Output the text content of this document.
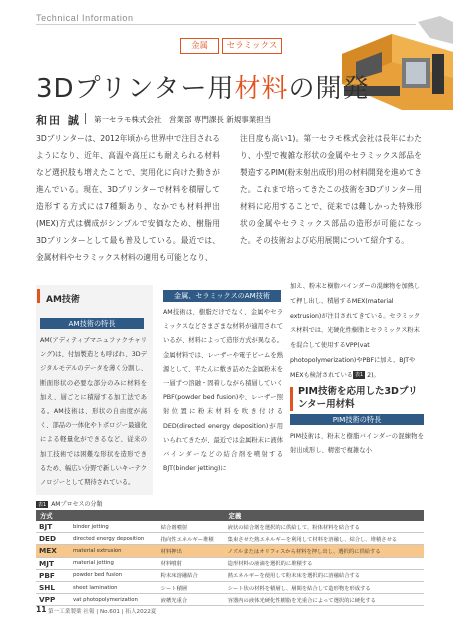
Technical Information
金属	セラミックス
3Dプリンター用材料の開発
和田 誠 第一セラモ株式会社　営業部 専門課長 新規事業担当
3Dプリンターは、2012年頃から世界中で注目されるようになり、近年、高温や高圧にも耐えられる材料など選択肢も増えたことで、実用化に向けた動きが進んでいる。現在、3Dプリンターで材料を積層して造形する方式には7種類あり、なかでも材料押出(MEX)方式は構成がシンプルで安価なため、樹脂用3Dプリンターとして最も普及している。最近では、金属材料やセラミックス材料の適用も可能となり、
注目度も高い1)。第一セラモ株式会社は長年にわたり、小型で複雑な形状の金属やセラミックス部品を製造するPIM(粉末射出成形)用の材料開発を進めてきた。これまで培ってきたこの技術を3Dプリンター用材料に応用することで、従来では難しかった特殊形状の金属やセラミックス部品の造形が可能になった。その技術および応用展開について紹介する。
AM技術
AM技術の特長
AM(アディティブマニュファクチャリング)は、付加製造とも呼ばれ、3Dデジタルモデルのデータを薄く分割し、断面形状の必要な部分のみに材料を加え、層ごとに積層する加工法である。AM技術は、形状の自由度が高く、部品の一体化やトポロジー最適化による軽量化ができるなど、従来の加工技術では困難な形状を造形できるため、幅広い分野で新しいキーテクノロジーとして期待されている。
金属、セラミックスのAM技術
AM技術は、樹脂だけでなく、金属やセラミックスなどさまざまな材料が適用されているが、材料によって造形方式が異なる。金属材料では、レーザーや電子ビームを熱源として、平たんに敷き詰めた金属粉末を一層ずつ溶融・固着しながら積層していくPBF(powder bed fusion)や、レーザー照射位置に粉末材料を吹き付けるDED(directed energy deposition)が用いられてきたが、最近では金属粉末に液体バインダーなどの結合剤を噴射するBJT(binder jetting)に
加え、粉末と樹脂バインダーの混練物を加熱して押し出し、積層するMEX(material extrusion)が注目されてきている。セラミックス材料では、光硬化性樹脂とセラミックス粉末を混合して使用するVPP(vat photopolymerization)やPBFに加え、BJTやMEXも検討されている 表1 2)。
PIM技術を応用した3Dプリンター用材料
PIM技術の特長
PIM技術は、粉末と樹脂バインダーの混練物を射出成形し、精密で複雑な小
表1 AMプロセスの分類
方式			定義
BJT	binder jetting	結合剤噴射	液状の結合剤を選択的に供給して、粉体材料を結合する
DED	directed energy deposition	指向性エネルギー堆積	集束させた熱エネルギーを利用して材料を溶融し、結合し、堆積させる
MEX	material extrusion	材料押出	ノズルまたはオリフィスから材料を押し出し、選択的に供給する
MJT	material jetting	材料噴射	造形材料の液滴を選択的に堆積する
PBF	powder bed fusion	粉末床溶融結合	熱エネルギーを使用して粉末床を選択的に溶融結合する
SHL	sheet lamination	シート積層	シート状の材料を積層し、層間を結合して造形物を形成する
VPP	vat photopolymerization	液槽光重合	容器内の液体光硬化性樹脂を光重合によって選択的に硬化する
11 第一工業製薬 社報 | No.601 | 拓人2022夏
